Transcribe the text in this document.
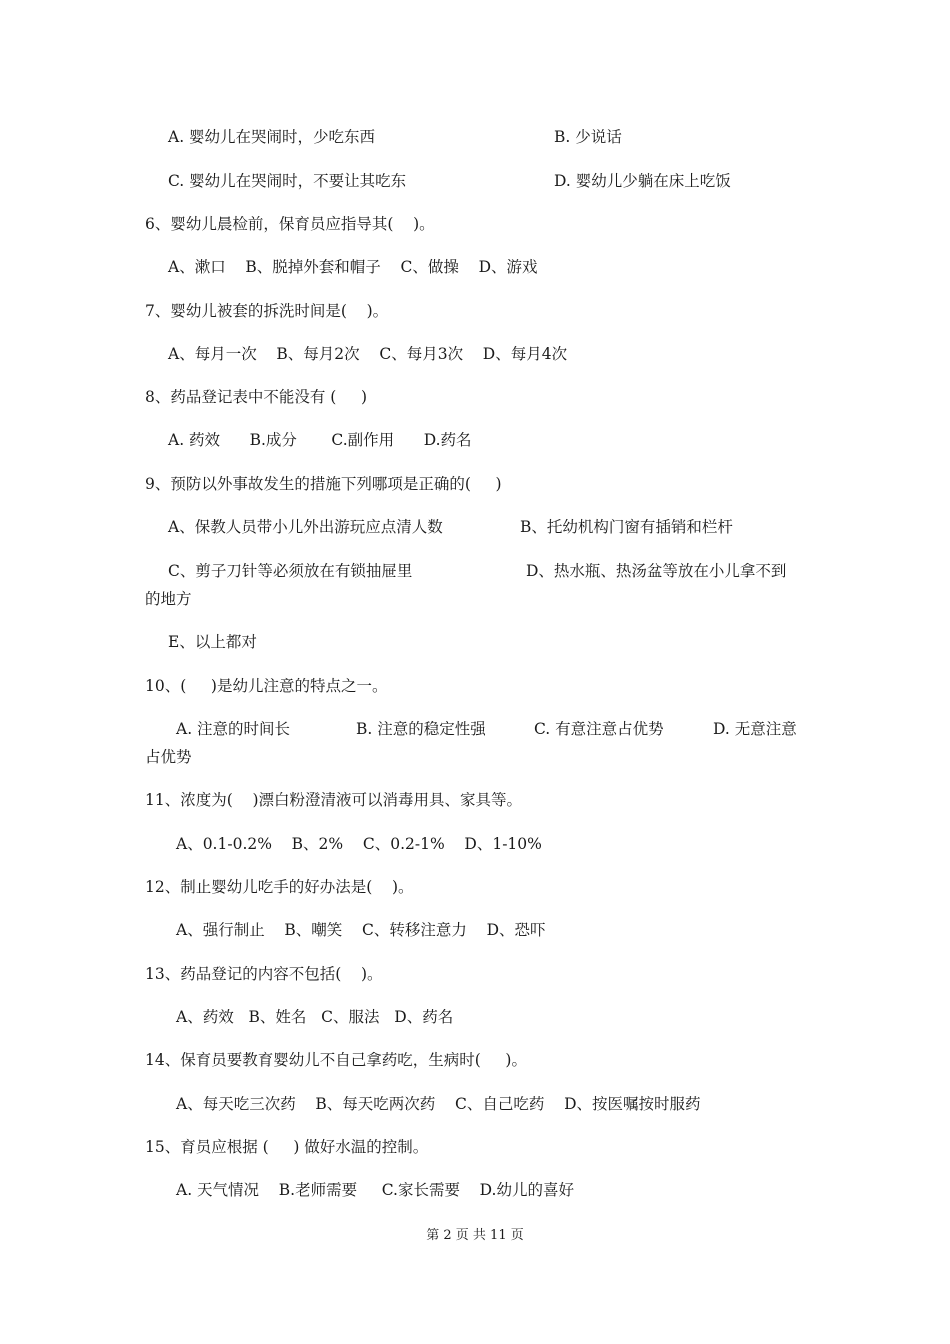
A. 婴幼儿在哭闹时，少吃东西	B. 少说话
C. 婴幼儿在哭闹时，不要让其吃东	D. 婴幼儿少躺在床上吃饭

6、婴幼儿晨检前，保育员应指导其(    )。

A、漱口    B、脱掉外套和帽子    C、做操    D、游戏

7、婴幼儿被套的拆洗时间是(    )。

A、每月一次    B、每月2次    C、每月3次    D、每月4次

8、药品登记表中不能没有 (     )

A. 药效      B.成分       C.副作用      D.药名

9、预防以外事故发生的措施下列哪项是正确的(     )

A、保教人员带小儿外出游玩应点清人数	B、托幼机构门窗有插销和栏杆
C、剪子刀针等必须放在有锁抽屉里	D、热水瓶、热汤盆等放在小儿拿不到

的地方

E、以上都对

10、(     )是幼儿注意的特点之一。

A. 注意的时间长	B. 注意的稳定性强	C. 有意注意占优势	D. 无意注意

占优势

11、浓度为(    )漂白粉澄清液可以消毒用具、家具等。

A、0.1-0.2%    B、2%    C、0.2-1%    D、1-10%

12、制止婴幼儿吃手的好办法是(    )。

A、强行制止    B、嘲笑    C、转移注意力    D、恐吓

13、药品登记的内容不包括(    )。

A、药效   B、姓名   C、服法   D、药名

14、保育员要教育婴幼儿不自己拿药吃，生病时(     )。

A、每天吃三次药    B、每天吃两次药    C、自己吃药    D、按医嘱按时服药

15、育员应根据 (     ) 做好水温的控制。

A. 天气情况    B.老师需要     C.家长需要    D.幼儿的喜好

第 2 页 共 11 页
